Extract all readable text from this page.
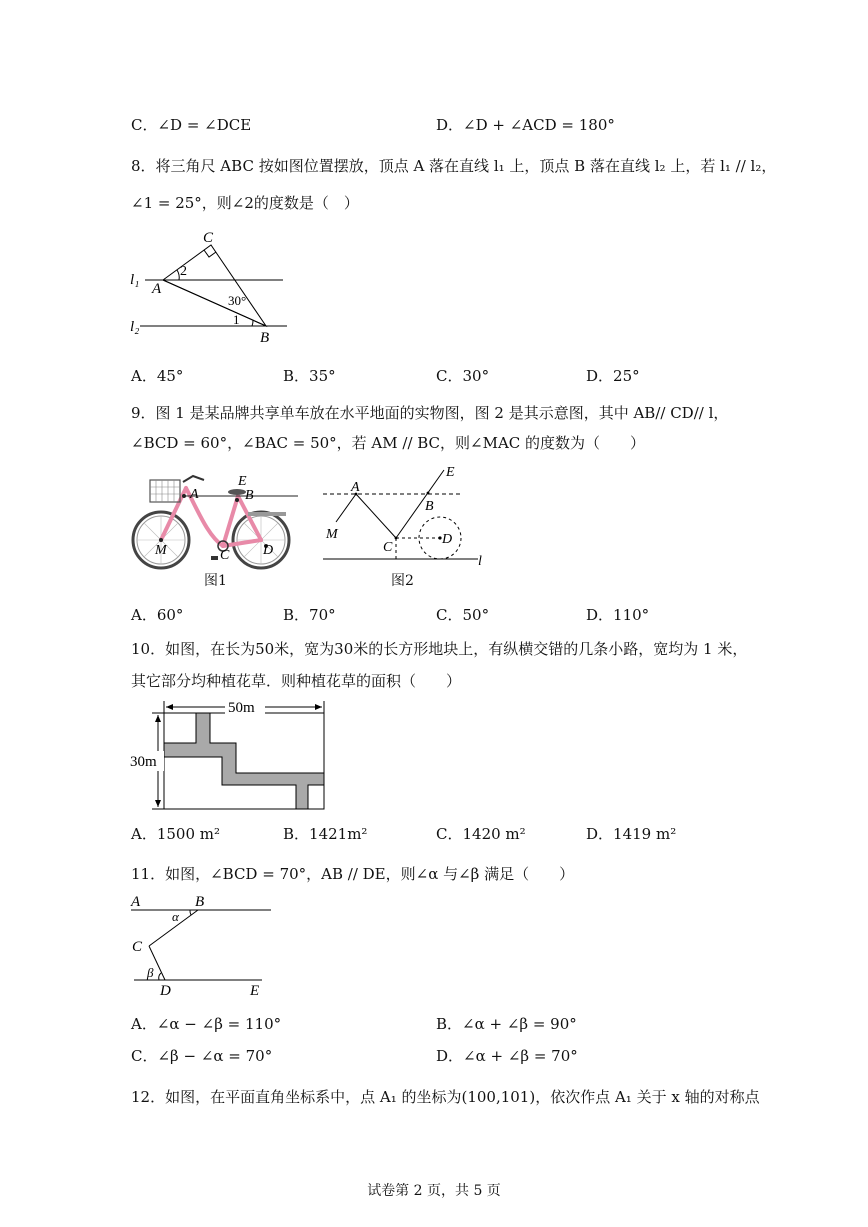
C．∠D = ∠DCE	D．∠D + ∠ACD = 180°
8．将三角尺 ABC 按如图位置摆放，顶点 A 落在直线 l₁ 上，顶点 B 落在直线 l₂ 上，若 l₁ // l₂，
∠1 = 25°，则∠2的度数是（　）
C
A
B
l₁
l₂
2
30°
1
A．45°	B．35°	C．30°	D．25°
9．图 1 是某品牌共享单车放在水平地面的实物图，图 2 是其示意图，其中 AB// CD// l，
∠BCD = 60°，∠BAC = 50°，若 AM // BC，则∠MAC 的度数为（　　）
E
A	B
M	C D
图1
E
A
B
M
C
D
l
图2
A．60°	B．70°	C．50°	D．110°
10．如图，在长为50米，宽为30米的长方形地块上，有纵横交错的几条小路，宽均为 1 米，
其它部分均种植花草．则种植花草的面积（　　）
50m
30m
A．1500 m²	B．1421m²	C．1420 m²	D．1419 m²
11．如图，∠BCD = 70°，AB // DE，则∠α 与∠β 满足（　　）
A	B
C
D	E
α
β
A．∠α − ∠β = 110°	B．∠α + ∠β = 90°
C．∠β − ∠α = 70°	D．∠α + ∠β = 70°
12．如图，在平面直角坐标系中，点 A₁ 的坐标为(100,101)，依次作点 A₁ 关于 x 轴的对称点
试卷第 2 页，共 5 页
